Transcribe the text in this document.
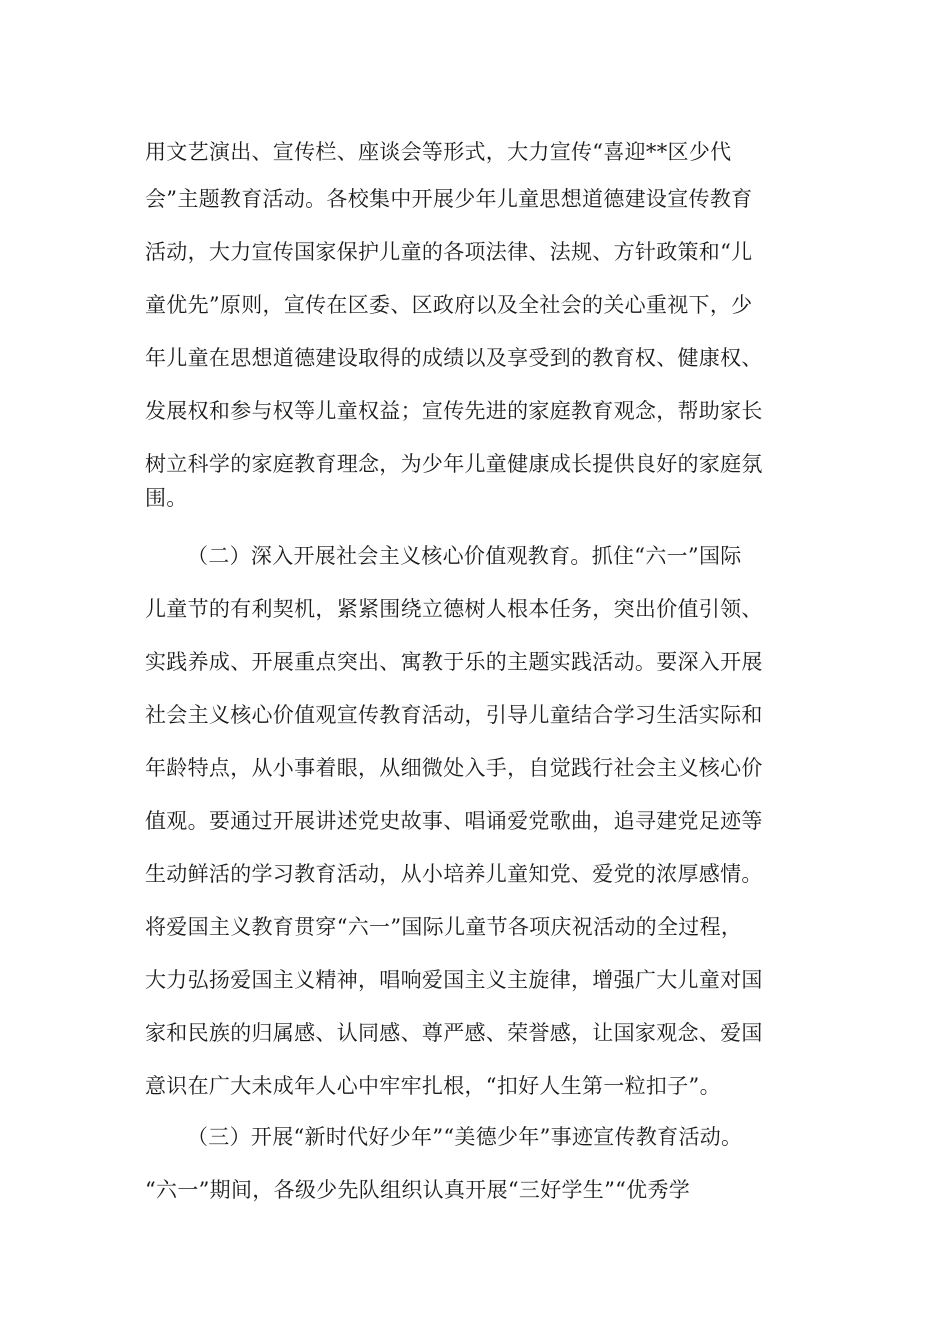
用文艺演出、宣传栏、座谈会等形式，大力宣传“喜迎**区少代
会”主题教育活动。各校集中开展少年儿童思想道德建设宣传教育
活动，大力宣传国家保护儿童的各项法律、法规、方针政策和“儿
童优先”原则，宣传在区委、区政府以及全社会的关心重视下，少
年儿童在思想道德建设取得的成绩以及享受到的教育权、健康权、
发展权和参与权等儿童权益；宣传先进的家庭教育观念，帮助家长
树立科学的家庭教育理念，为少年儿童健康成长提供良好的家庭氛
围。
（二）深入开展社会主义核心价值观教育。抓住“六一”国际
儿童节的有利契机，紧紧围绕立德树人根本任务，突出价值引领、
实践养成、开展重点突出、寓教于乐的主题实践活动。要深入开展
社会主义核心价值观宣传教育活动，引导儿童结合学习生活实际和
年龄特点，从小事着眼，从细微处入手，自觉践行社会主义核心价
值观。要通过开展讲述党史故事、唱诵爱党歌曲，追寻建党足迹等
生动鲜活的学习教育活动，从小培养儿童知党、爱党的浓厚感情。
将爱国主义教育贯穿“六一”国际儿童节各项庆祝活动的全过程，
大力弘扬爱国主义精神，唱响爱国主义主旋律，增强广大儿童对国
家和民族的归属感、认同感、尊严感、荣誉感，让国家观念、爱国
意识在广大未成年人心中牢牢扎根，“扣好人生第一粒扣子”。
（三）开展“新时代好少年”“美德少年”事迹宣传教育活动。
“六一”期间，各级少先队组织认真开展“三好学生”“优秀学
